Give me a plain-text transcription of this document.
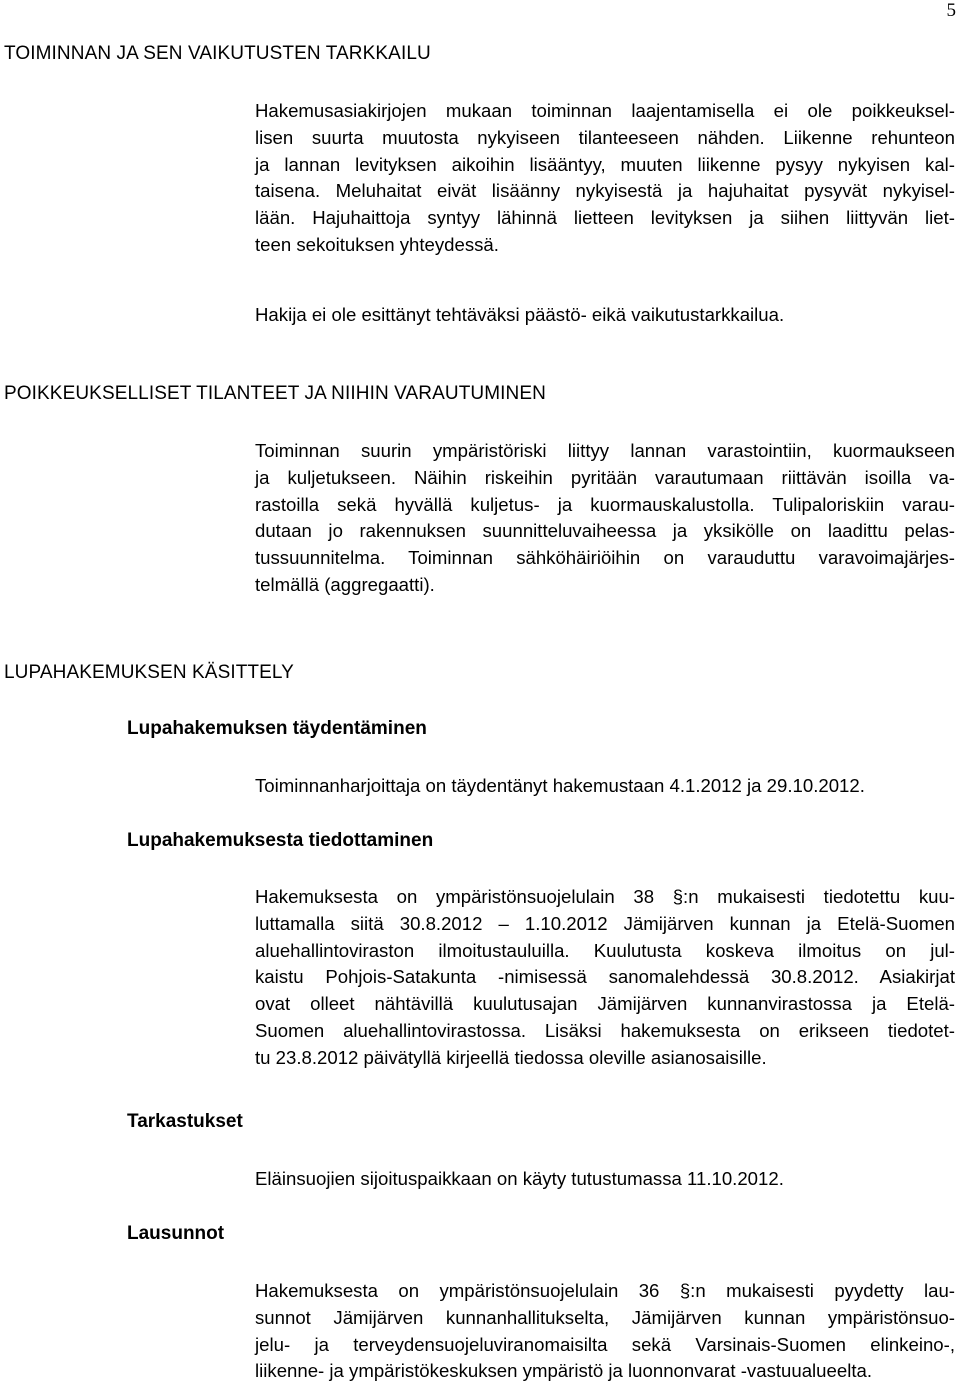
5
TOIMINNAN JA SEN VAIKUTUSTEN TARKKAILU
Hakemusasiakirjojen mukaan toiminnan laajentamisella ei ole poikkeuksel-
lisen suurta muutosta nykyiseen tilanteeseen nähden. Liikenne rehunteon
ja lannan levityksen aikoihin lisääntyy, muuten liikenne pysyy nykyisen kal-
taisena. Meluhaitat eivät lisäänny nykyisestä ja hajuhaitat pysyvät nykyisel-
lään. Hajuhaittoja syntyy lähinnä lietteen levityksen ja siihen liittyvän liet-
teen sekoituksen yhteydessä.
Hakija ei ole esittänyt tehtäväksi päästö- eikä vaikutustarkkailua.
POIKKEUKSELLISET TILANTEET JA NIIHIN VARAUTUMINEN
Toiminnan suurin ympäristöriski liittyy lannan varastointiin, kuormaukseen
ja kuljetukseen. Näihin riskeihin pyritään varautumaan riittävän isoilla va-
rastoilla sekä hyvällä kuljetus- ja kuormauskalustolla. Tulipaloriskiin varau-
dutaan jo rakennuksen suunnitteluvaiheessa ja yksikölle on laadittu pelas-
tussuunnitelma. Toiminnan sähköhäiriöihin on varauduttu varavoimajärjes-
telmällä (aggregaatti).
LUPAHAKEMUKSEN KÄSITTELY
Lupahakemuksen täydentäminen
Toiminnanharjoittaja on täydentänyt hakemustaan 4.1.2012 ja 29.10.2012.
Lupahakemuksesta tiedottaminen
Hakemuksesta on ympäristönsuojelulain 38 §:n mukaisesti tiedotettu kuu-
luttamalla siitä 30.8.2012 – 1.10.2012 Jämijärven kunnan ja Etelä-Suomen
aluehallintoviraston ilmoitustauluilla. Kuulutusta koskeva ilmoitus on jul-
kaistu Pohjois-Satakunta -nimisessä sanomalehdessä 30.8.2012. Asiakirjat
ovat olleet nähtävillä kuulutusajan Jämijärven kunnanvirastossa ja Etelä-
Suomen aluehallintovirastossa. Lisäksi hakemuksesta on erikseen tiedotet-
tu 23.8.2012 päivätyllä kirjeellä tiedossa oleville asianosaisille.
Tarkastukset
Eläinsuojien sijoituspaikkaan on käyty tutustumassa 11.10.2012.
Lausunnot
Hakemuksesta on ympäristönsuojelulain 36 §:n mukaisesti pyydetty lau-
sunnot Jämijärven kunnanhallitukselta, Jämijärven kunnan ympäristönsuo-
jelu- ja terveydensuojeluviranomaisilta sekä Varsinais-Suomen elinkeino-,
liikenne- ja ympäristökeskuksen ympäristö ja luonnonvarat -vastuualueelta.
